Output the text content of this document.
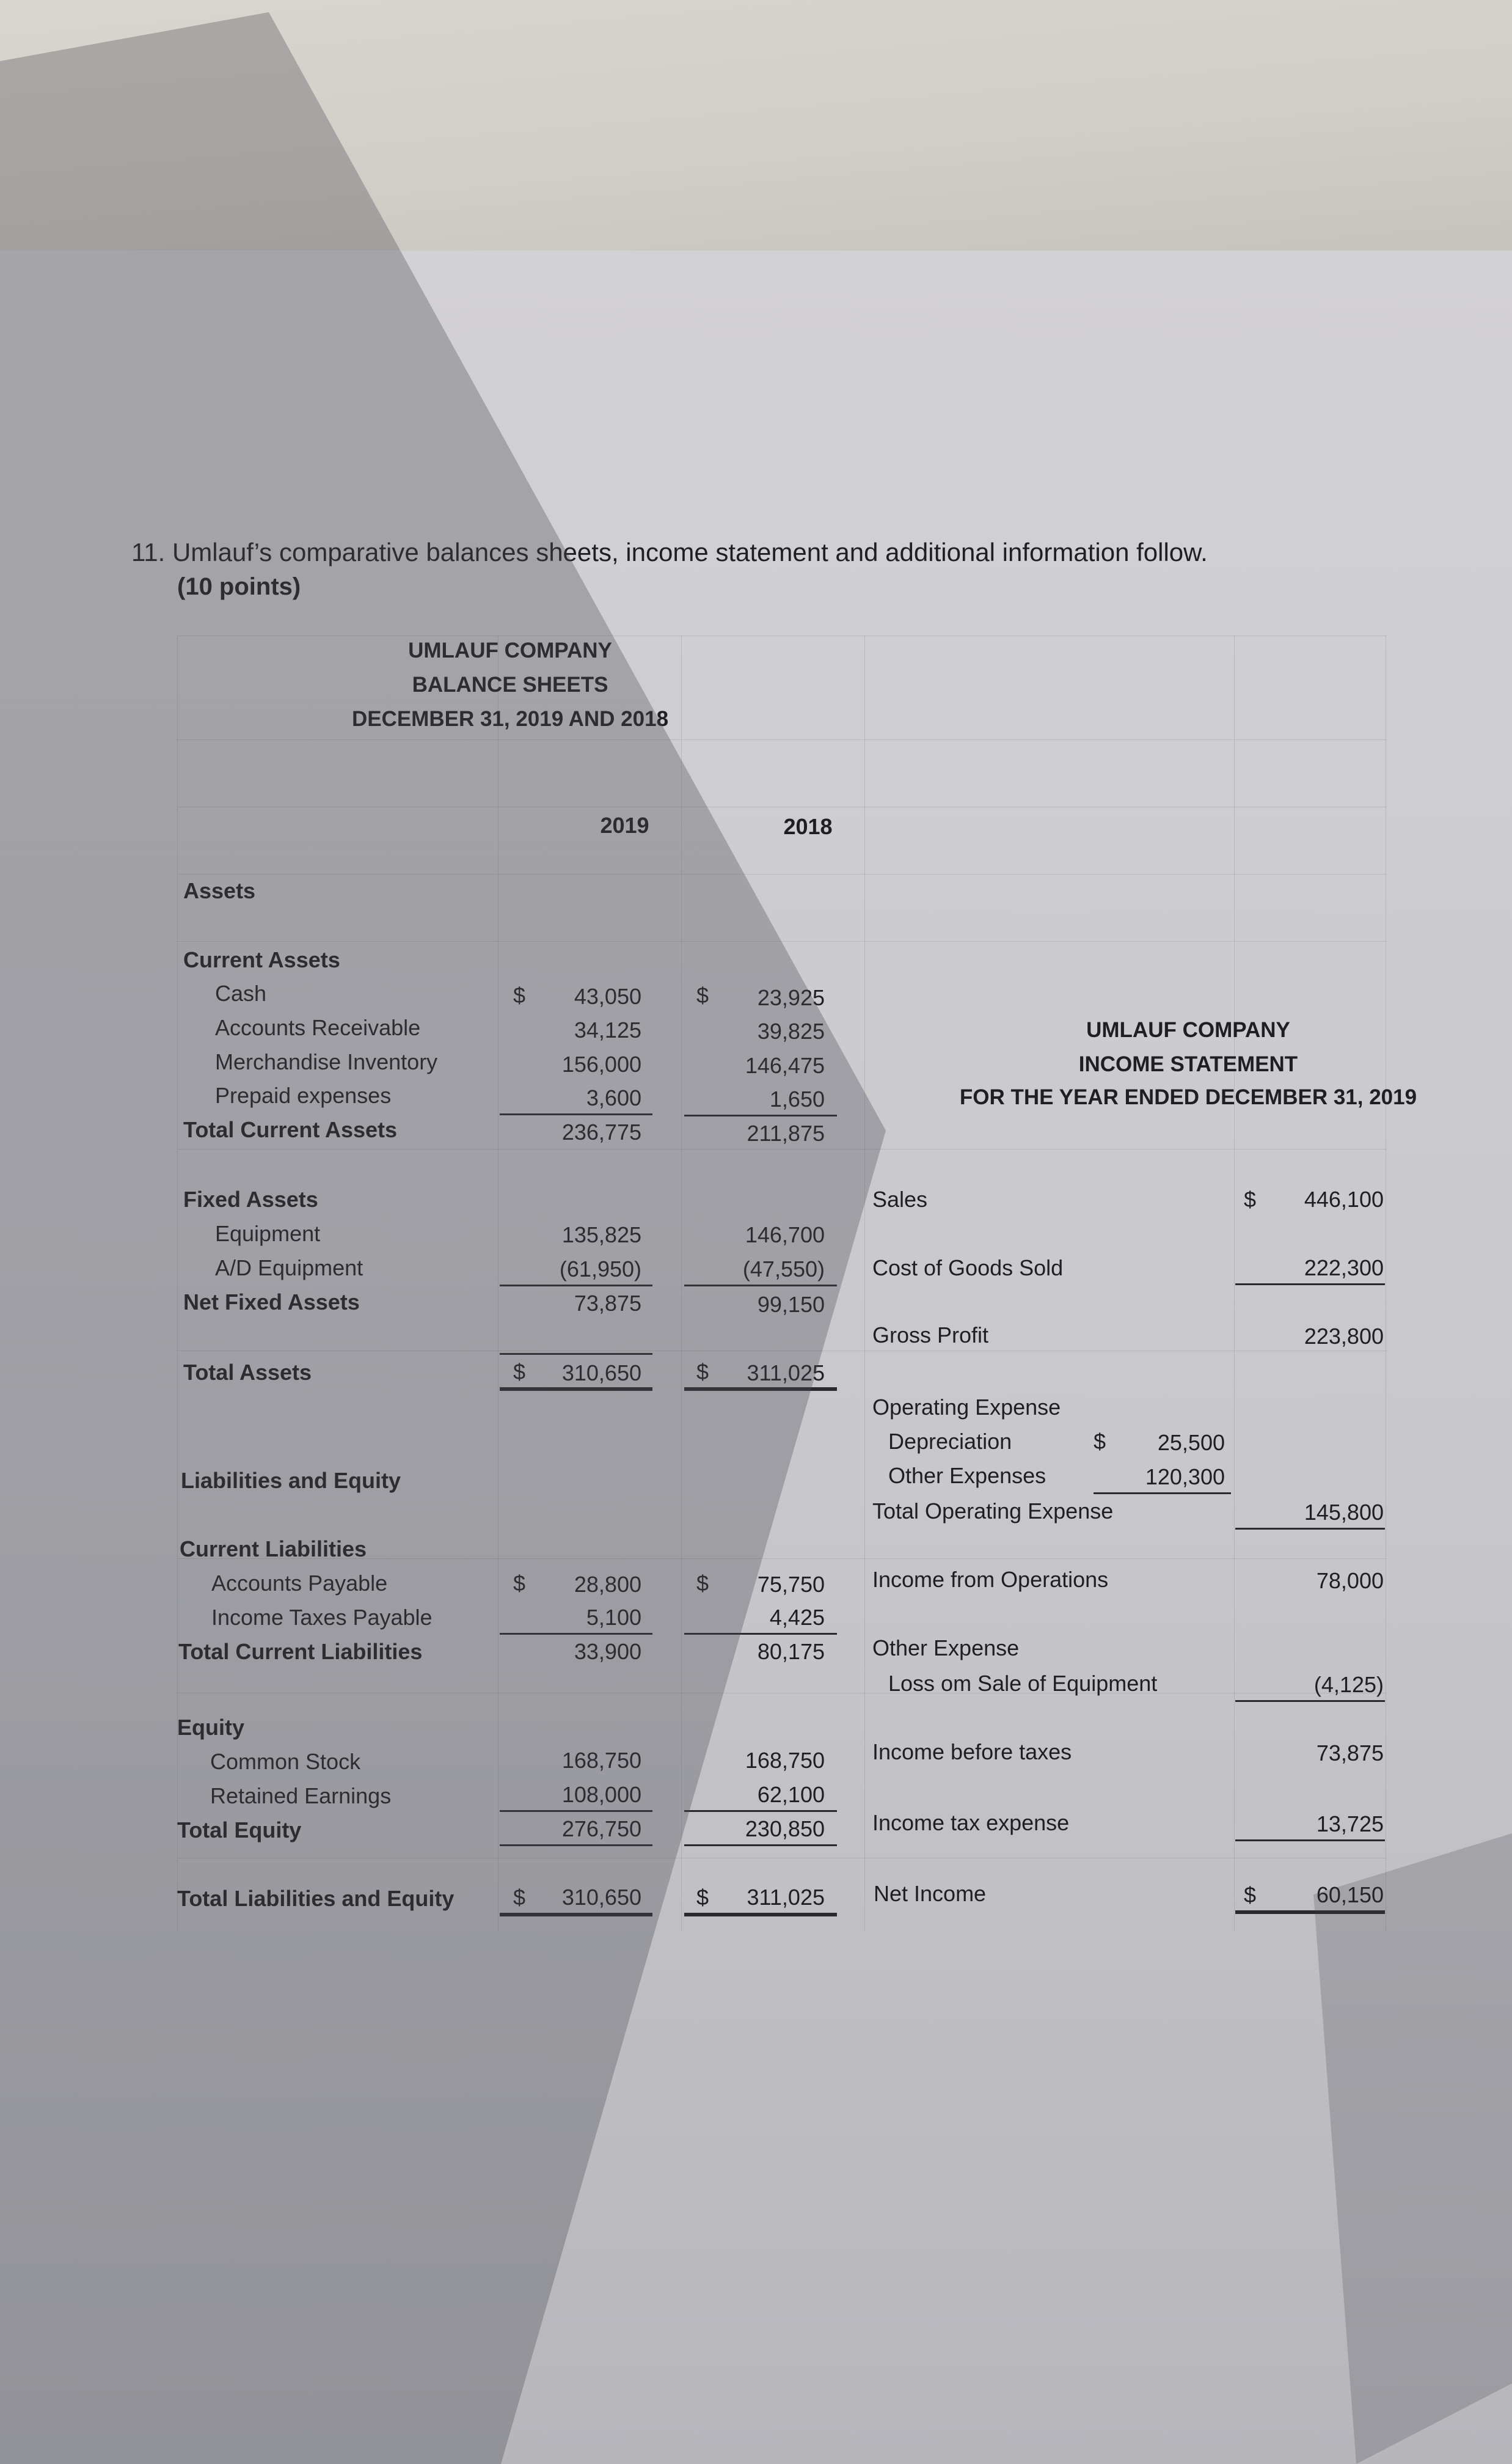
11. Umlauf’s comparative balances sheets, income statement and additional information follow.
(10 points)
UMLAUF COMPANY
BALANCE SHEETS
DECEMBER 31, 2019 AND 2018
2019	2018
Assets
Current Assets
Cash	$	43,050	$	23,925
Accounts Receivable	34,125	39,825
Merchandise Inventory	156,000	146,475
Prepaid expenses	3,600	1,650
Total Current Assets	236,775	211,875
Fixed Assets
Equipment	135,825	146,700
A/D Equipment	(61,950)	(47,550)
Net Fixed Assets	73,875	99,150
Total Assets	$	310,650	$	311,025
Liabilities and Equity
Current Liabilities
Accounts Payable	$	28,800	$	75,750
Income Taxes Payable	5,100	4,425
Total Current Liabilities	33,900	80,175
Equity
Common Stock	168,750	168,750
Retained Earnings	108,000	62,100
Total Equity	276,750	230,850
Total Liabilities and Equity	$	310,650	$	311,025
UMLAUF COMPANY
INCOME STATEMENT
FOR THE YEAR ENDED DECEMBER 31, 2019
Sales	$	446,100
Cost of Goods Sold	222,300
Gross Profit	223,800
Operating Expense
Depreciation	$	25,500
Other Expenses	120,300
Total Operating Expense	145,800
Income from Operations	78,000
Other Expense
Loss om Sale of Equipment	(4,125)
Income before taxes	73,875
Income tax expense	13,725
Net Income	$	60,150
